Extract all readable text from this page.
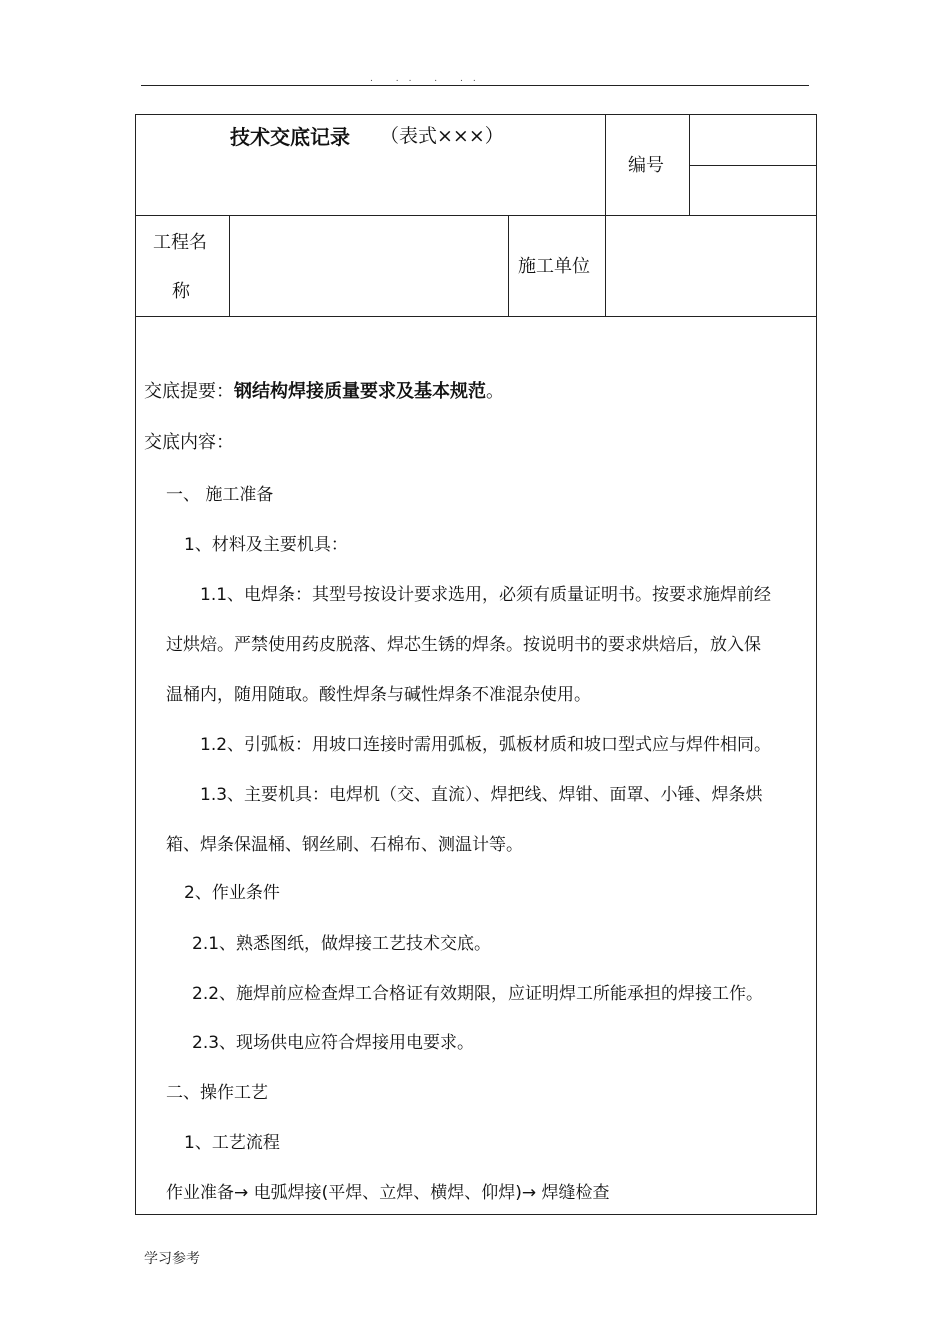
. .. . ..
技术交底记录 （表式×××）
编号
工程名
称
施工单位
交底提要：钢结构焊接质量要求及基本规范。
交底内容：
一、 施工准备
1、材料及主要机具：
1.1、电焊条：其型号按设计要求选用，必须有质量证明书。按要求施焊前经
过烘焙。严禁使用药皮脱落、焊芯生锈的焊条。按说明书的要求烘焙后，放入保
温桶内，随用随取。酸性焊条与碱性焊条不准混杂使用。
1.2、引弧板：用坡口连接时需用弧板，弧板材质和坡口型式应与焊件相同。
1.3、主要机具：电焊机（交、直流）、焊把线、焊钳、面罩、小锤、焊条烘
箱、焊条保温桶、钢丝刷、石棉布、测温计等。
2、作业条件
2.1、熟悉图纸，做焊接工艺技术交底。
2.2、施焊前应检查焊工合格证有效期限，应证明焊工所能承担的焊接工作。
2.3、现场供电应符合焊接用电要求。
二、操作工艺
1、工艺流程
作业准备→ 电弧焊接(平焊、立焊、横焊、仰焊)→ 焊缝检查
学习参考
